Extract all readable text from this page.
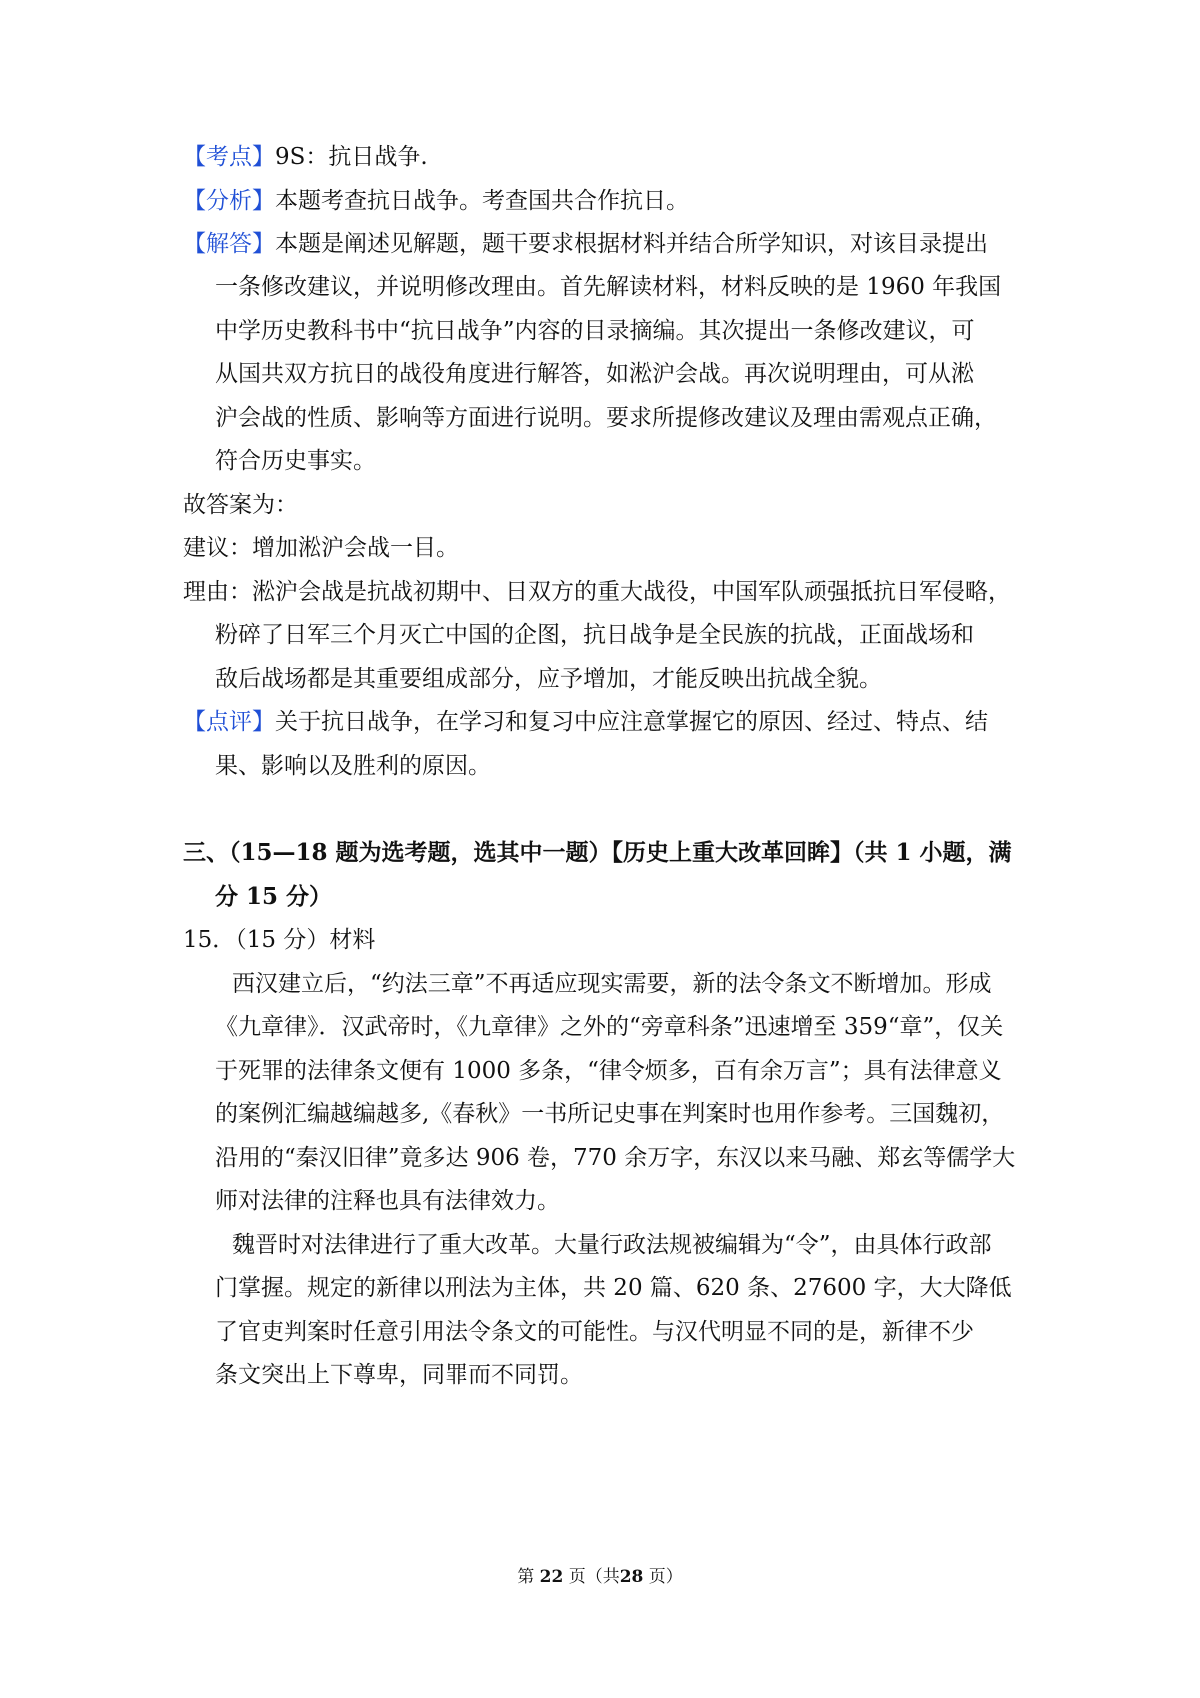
【考点】9S：抗日战争.
【分析】本题考查抗日战争。考查国共合作抗日。
【解答】本题是阐述见解题，题干要求根据材料并结合所学知识，对该目录提出
一条修改建议，并说明修改理由。首先解读材料，材料反映的是 1960 年我国
中学历史教科书中“抗日战争”内容的目录摘编。其次提出一条修改建议，可
从国共双方抗日的战役角度进行解答，如淞沪会战。再次说明理由，可从淞
沪会战的性质、影响等方面进行说明。要求所提修改建议及理由需观点正确，
符合历史事实。
故答案为：
建议：增加淞沪会战一目。
理由：淞沪会战是抗战初期中、日双方的重大战役，中国军队顽强抵抗日军侵略，
粉碎了日军三个月灭亡中国的企图，抗日战争是全民族的抗战，正面战场和
敌后战场都是其重要组成部分，应予增加，才能反映出抗战全貌。
【点评】关于抗日战争，在学习和复习中应注意掌握它的原因、经过、特点、结
果、影响以及胜利的原因。
三、（15—18 题为选考题，选其中一题）【历史上重大改革回眸】（共 1 小题，满
分 15 分）
15．（15 分）材料
西汉建立后，“约法三章”不再适应现实需要，新的法令条文不断增加。形成
《九章律》．汉武帝时，《九章律》之外的“旁章科条”迅速增至 359“章”，仅关
于死罪的法律条文便有 1000 多条，“律令烦多，百有余万言”；具有法律意义
的案例汇编越编越多,《春秋》一书所记史事在判案时也用作参考。三国魏初，
沿用的“秦汉旧律”竟多达 906 卷，770 余万字，东汉以来马融、郑玄等儒学大
师对法律的注释也具有法律效力。
魏晋时对法律进行了重大改革。大量行政法规被编辑为“令”，由具体行政部
门掌握。规定的新律以刑法为主体，共 20 篇、620 条、27600 字，大大降低
了官吏判案时任意引用法令条文的可能性。与汉代明显不同的是，新律不少
条文突出上下尊卑，同罪而不同罚。
第 22 页（共28 页）
